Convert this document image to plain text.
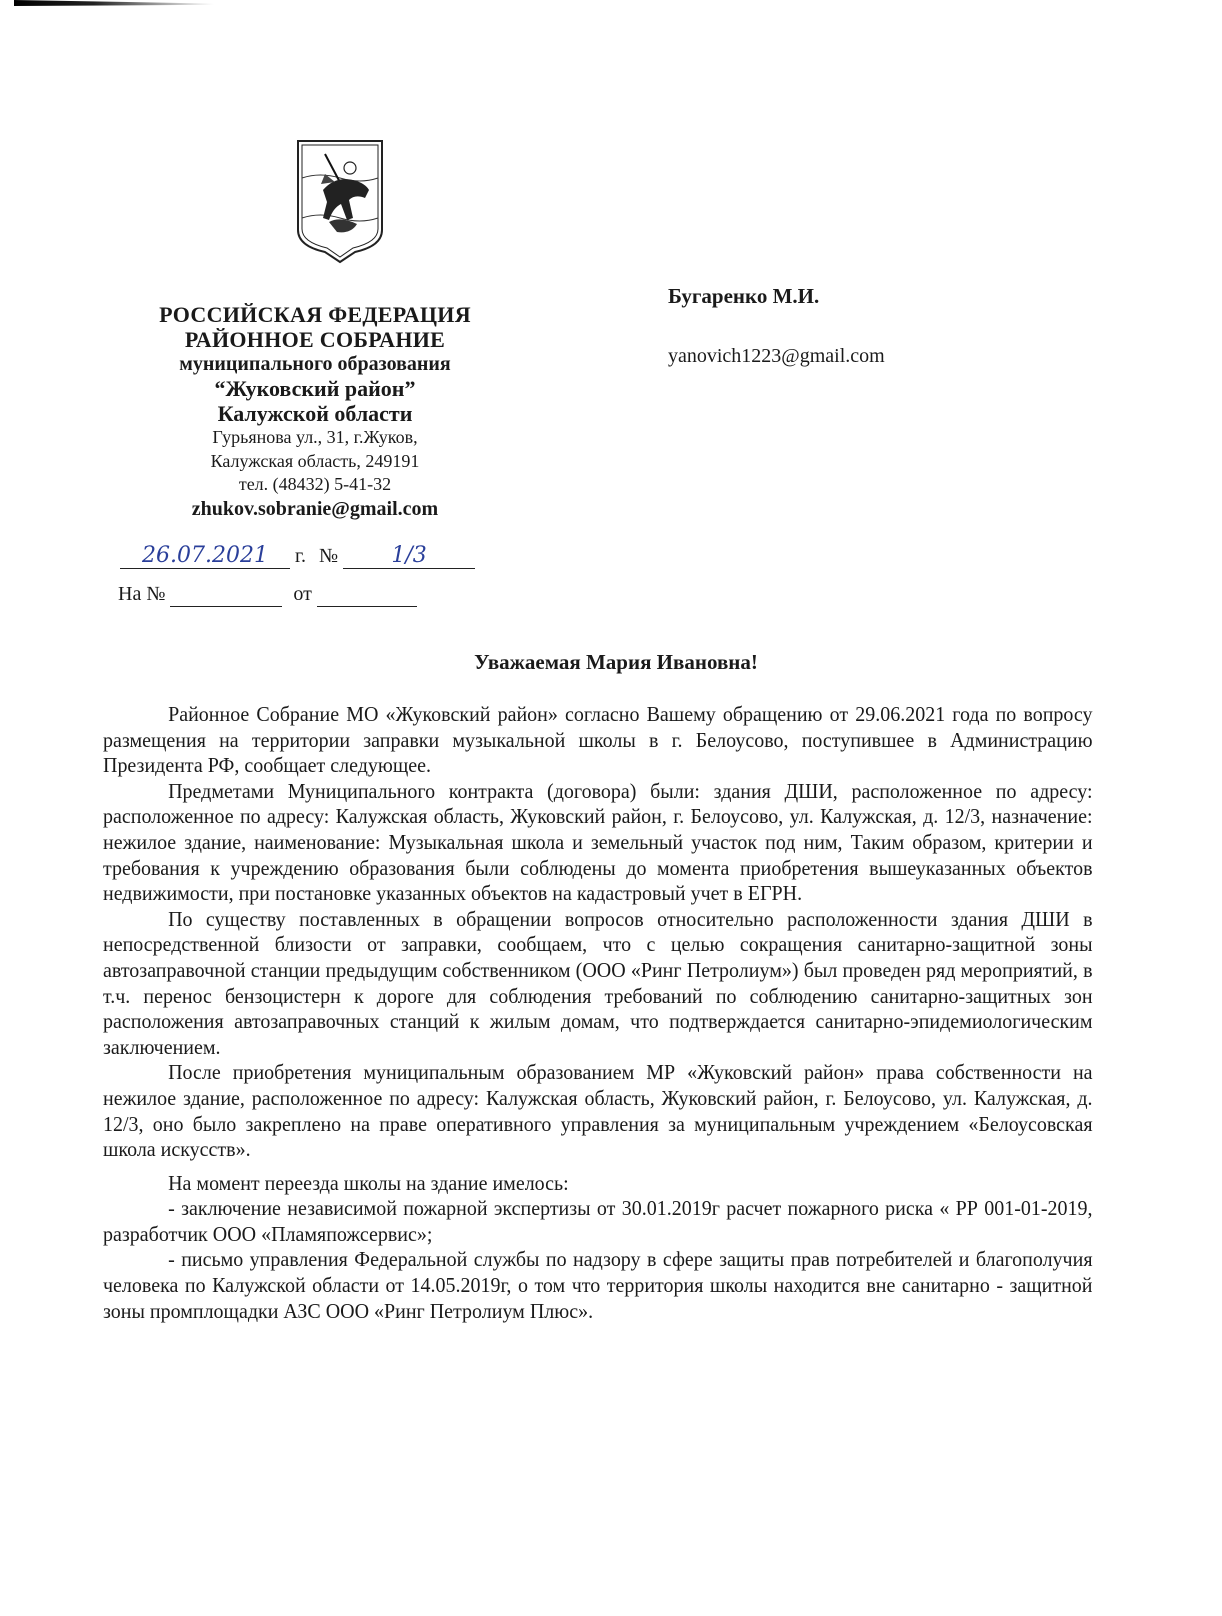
РОССИЙСКАЯ ФЕДЕРАЦИЯ
РАЙОННОЕ СОБРАНИЕ
муниципального образования
“Жуковский район”
Калужской области
Гурьянова ул., 31, г.Жуков,
Калужская область, 249191
тел. (48432) 5-41-32
zhukov.sobranie@gmail.com
26.07.2021 г. № 1/3
На №	от
Бугаренко М.И.
yanovich1223@gmail.com
Уважаемая Мария Ивановна!

Районное Собрание МО «Жуковский район» согласно Вашему обращению от 29.06.2021 года по вопросу размещения на территории заправки музыкальной школы в г. Белоусово, поступившее в Администрацию Президента РФ, сообщает следующее.

Предметами Муниципального контракта (договора) были: здания ДШИ, расположенное по адресу: расположенное по адресу: Калужская область, Жуковский район, г. Белоусово, ул. Калужская, д. 12/3, назначение: нежилое здание, наименование: Музыкальная школа и земельный участок под ним, Таким образом, критерии и требования к учреждению образования были соблюдены до момента приобретения вышеуказанных объектов недвижимости, при постановке указанных объектов на кадастровый учет в ЕГРН.

По существу поставленных в обращении вопросов относительно расположенности здания ДШИ в непосредственной близости от заправки, сообщаем, что с целью сокращения санитарно-защитной зоны автозаправочной станции предыдущим собственником (ООО «Ринг Петролиум») был проведен ряд мероприятий, в т.ч. перенос бензоцистерн к дороге для соблюдения требований по соблюдению санитарно-защитных зон расположения автозаправочных станций к жилым домам, что подтверждается санитарно-эпидемиологическим заключением.

После приобретения муниципальным образованием МР «Жуковский район» права собственности на нежилое здание, расположенное по адресу: Калужская область, Жуковский район, г. Белоусово, ул. Калужская, д. 12/3, оно было закреплено на праве оперативного управления за муниципальным учреждением «Белоусовская школа искусств».

На момент переезда школы на здание имелось:

- заключение независимой пожарной экспертизы от 30.01.2019г расчет пожарного риска « РР 001-01-2019, разработчик ООО «Пламяпожсервис»;

- письмо управления Федеральной службы по надзору в сфере защиты прав потребителей и благополучия человека по Калужской области от 14.05.2019г, о том что территория школы находится вне санитарно - защитной зоны промплощадки АЗС ООО «Ринг Петролиум Плюс».
